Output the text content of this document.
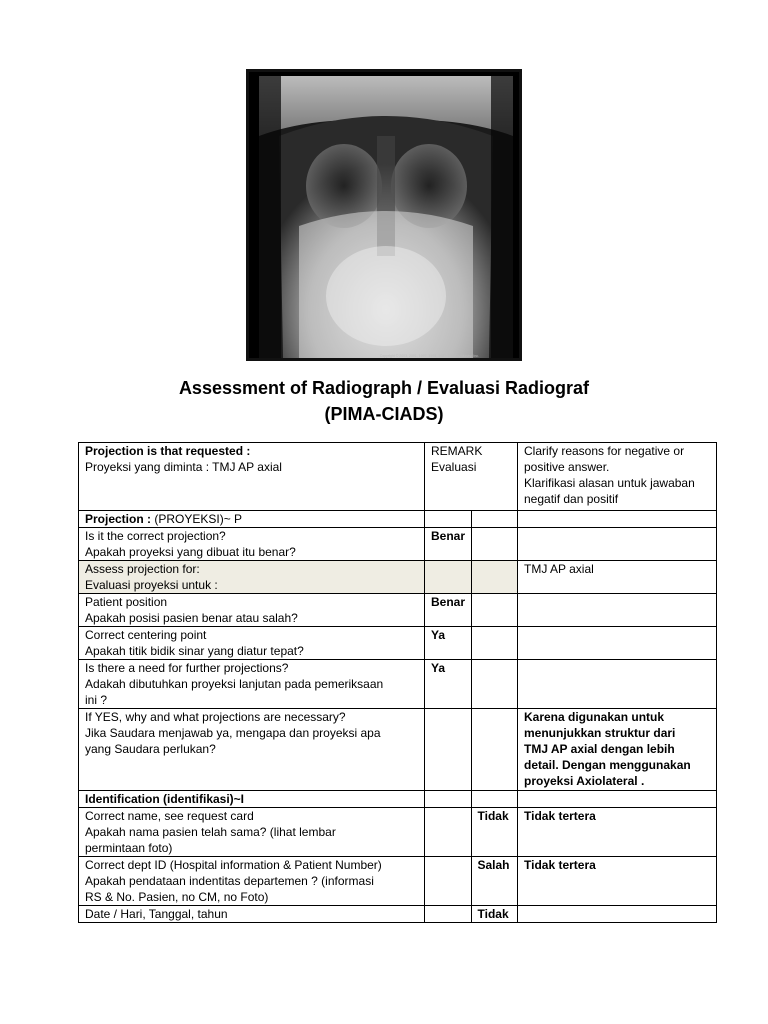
Copyright © 2003, 2001, 1997, 1993, 1987, 1982 by Mosby, Inc.
Assessment of Radiograph / Evaluasi Radiograf
(PIMA-CIADS)
Projection is that requested :
Proyeksi yang diminta : TMJ AP axial	REMARK
Evaluasi		Clarify reasons for negative or
positive answer.
Klarifikasi alasan untuk jawaban
negatif dan positif

Projection : (PROYEKSI)~ P			

Is it the correct projection?
Apakah proyeksi yang dibuat itu benar?	Benar		

Assess projection for:
Evaluasi proyeksi untuk :			TMJ AP axial

Patient position
Apakah posisi pasien benar atau salah?	Benar		

Correct centering point
Apakah titik bidik sinar yang diatur tepat?	Ya		

Is there a need for further projections?
Adakah dibutuhkan proyeksi lanjutan pada pemeriksaan
ini ?	Ya		

If YES, why and what projections are necessary?
Jika Saudara menjawab ya, mengapa dan proyeksi apa
yang Saudara perlukan?			Karena digunakan untuk
menunjukkan struktur dari
TMJ AP axial dengan lebih
detail. Dengan menggunakan
proyeksi Axiolateral .

Identification (identifikasi)~I			

Correct name, see request card
Apakah nama pasien telah sama? (lihat lembar
permintaan foto)		Tidak	Tidak tertera

Correct dept ID (Hospital information & Patient Number)
Apakah pendataan indentitas departemen ? (informasi
RS & No. Pasien, no CM, no Foto)		Salah	Tidak tertera

Date / Hari, Tanggal, tahun		Tidak	
